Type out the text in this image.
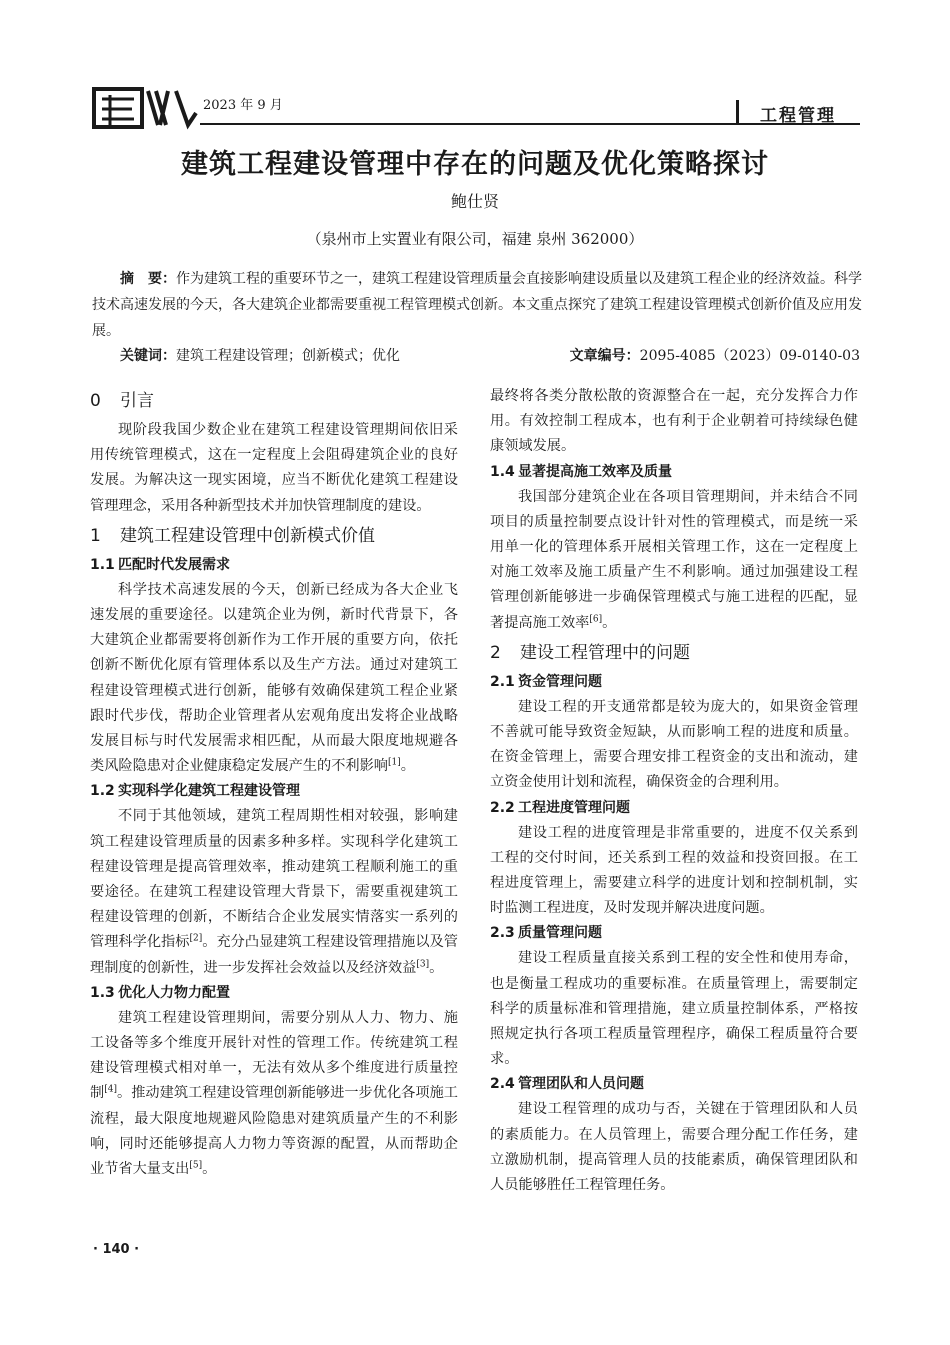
2023 年 9 月
工程管理
建筑工程建设管理中存在的问题及优化策略探讨
鲍仕贤
（泉州市上实置业有限公司，福建 泉州 362000）
摘　要：作为建筑工程的重要环节之一，建筑工程建设管理质量会直接影响建设质量以及建筑工程企业的经济效益。科学技术高速发展的今天，各大建筑企业都需要重视工程管理模式创新。本文重点探究了建筑工程建设管理模式创新价值及应用发展。
关键词：建筑工程建设管理；创新模式；优化	文章编号：2095-4085（2023）09-0140-03
0 引言

现阶段我国少数企业在建筑工程建设管理期间依旧采用传统管理模式，这在一定程度上会阻碍建筑企业的良好发展。为解决这一现实困境，应当不断优化建筑工程建设管理理念，采用各种新型技术并加快管理制度的建设。

1 建筑工程建设管理中创新模式价值
1.1 匹配时代发展需求

科学技术高速发展的今天，创新已经成为各大企业飞速发展的重要途径。以建筑企业为例，新时代背景下，各大建筑企业都需要将创新作为工作开展的重要方向，依托创新不断优化原有管理体系以及生产方法。通过对建筑工程建设管理模式进行创新，能够有效确保建筑工程企业紧跟时代步伐，帮助企业管理者从宏观角度出发将企业战略发展目标与时代发展需求相匹配，从而最大限度地规避各类风险隐患对企业健康稳定发展产生的不利影响[1]。

1.2 实现科学化建筑工程建设管理

不同于其他领域，建筑工程周期性相对较强，影响建筑工程建设管理质量的因素多种多样。实现科学化建筑工程建设管理是提高管理效率，推动建筑工程顺利施工的重要途径。在建筑工程建设管理大背景下，需要重视建筑工程建设管理的创新，不断结合企业发展实情落实一系列的管理科学化指标[2]。充分凸显建筑工程建设管理措施以及管理制度的创新性，进一步发挥社会效益以及经济效益[3]。

1.3 优化人力物力配置

建筑工程建设管理期间，需要分别从人力、物力、施工设备等多个维度开展针对性的管理工作。传统建筑工程建设管理模式相对单一，无法有效从多个维度进行质量控制[4]。推动建筑工程建设管理创新能够进一步优化各项施工流程，最大限度地规避风险隐患对建筑质量产生的不利影响，同时还能够提高人力物力等资源的配置，从而帮助企业节省大量支出[5]。

最终将各类分散松散的资源整合在一起，充分发挥合力作用。有效控制工程成本，也有利于企业朝着可持续绿色健康领域发展。

1.4 显著提高施工效率及质量

我国部分建筑企业在各项目管理期间，并未结合不同项目的质量控制要点设计针对性的管理模式，而是统一采用单一化的管理体系开展相关管理工作，这在一定程度上对施工效率及施工质量产生不利影响。通过加强建设工程管理创新能够进一步确保管理模式与施工进程的匹配，显著提高施工效率[6]。

2 建设工程管理中的问题
2.1 资金管理问题

建设工程的开支通常都是较为庞大的，如果资金管理不善就可能导致资金短缺，从而影响工程的进度和质量。在资金管理上，需要合理安排工程资金的支出和流动，建立资金使用计划和流程，确保资金的合理利用。

2.2 工程进度管理问题

建设工程的进度管理是非常重要的，进度不仅关系到工程的交付时间，还关系到工程的效益和投资回报。在工程进度管理上，需要建立科学的进度计划和控制机制，实时监测工程进度，及时发现并解决进度问题。

2.3 质量管理问题

建设工程质量直接关系到工程的安全性和使用寿命，也是衡量工程成功的重要标准。在质量管理上，需要制定科学的质量标准和管理措施，建立质量控制体系，严格按照规定执行各项工程质量管理程序，确保工程质量符合要求。

2.4 管理团队和人员问题

建设工程管理的成功与否，关键在于管理团队和人员的素质能力。在人员管理上，需要合理分配工作任务，建立激励机制，提高管理人员的技能素质，确保管理团队和人员能够胜任工程管理任务。

· 140 ·
